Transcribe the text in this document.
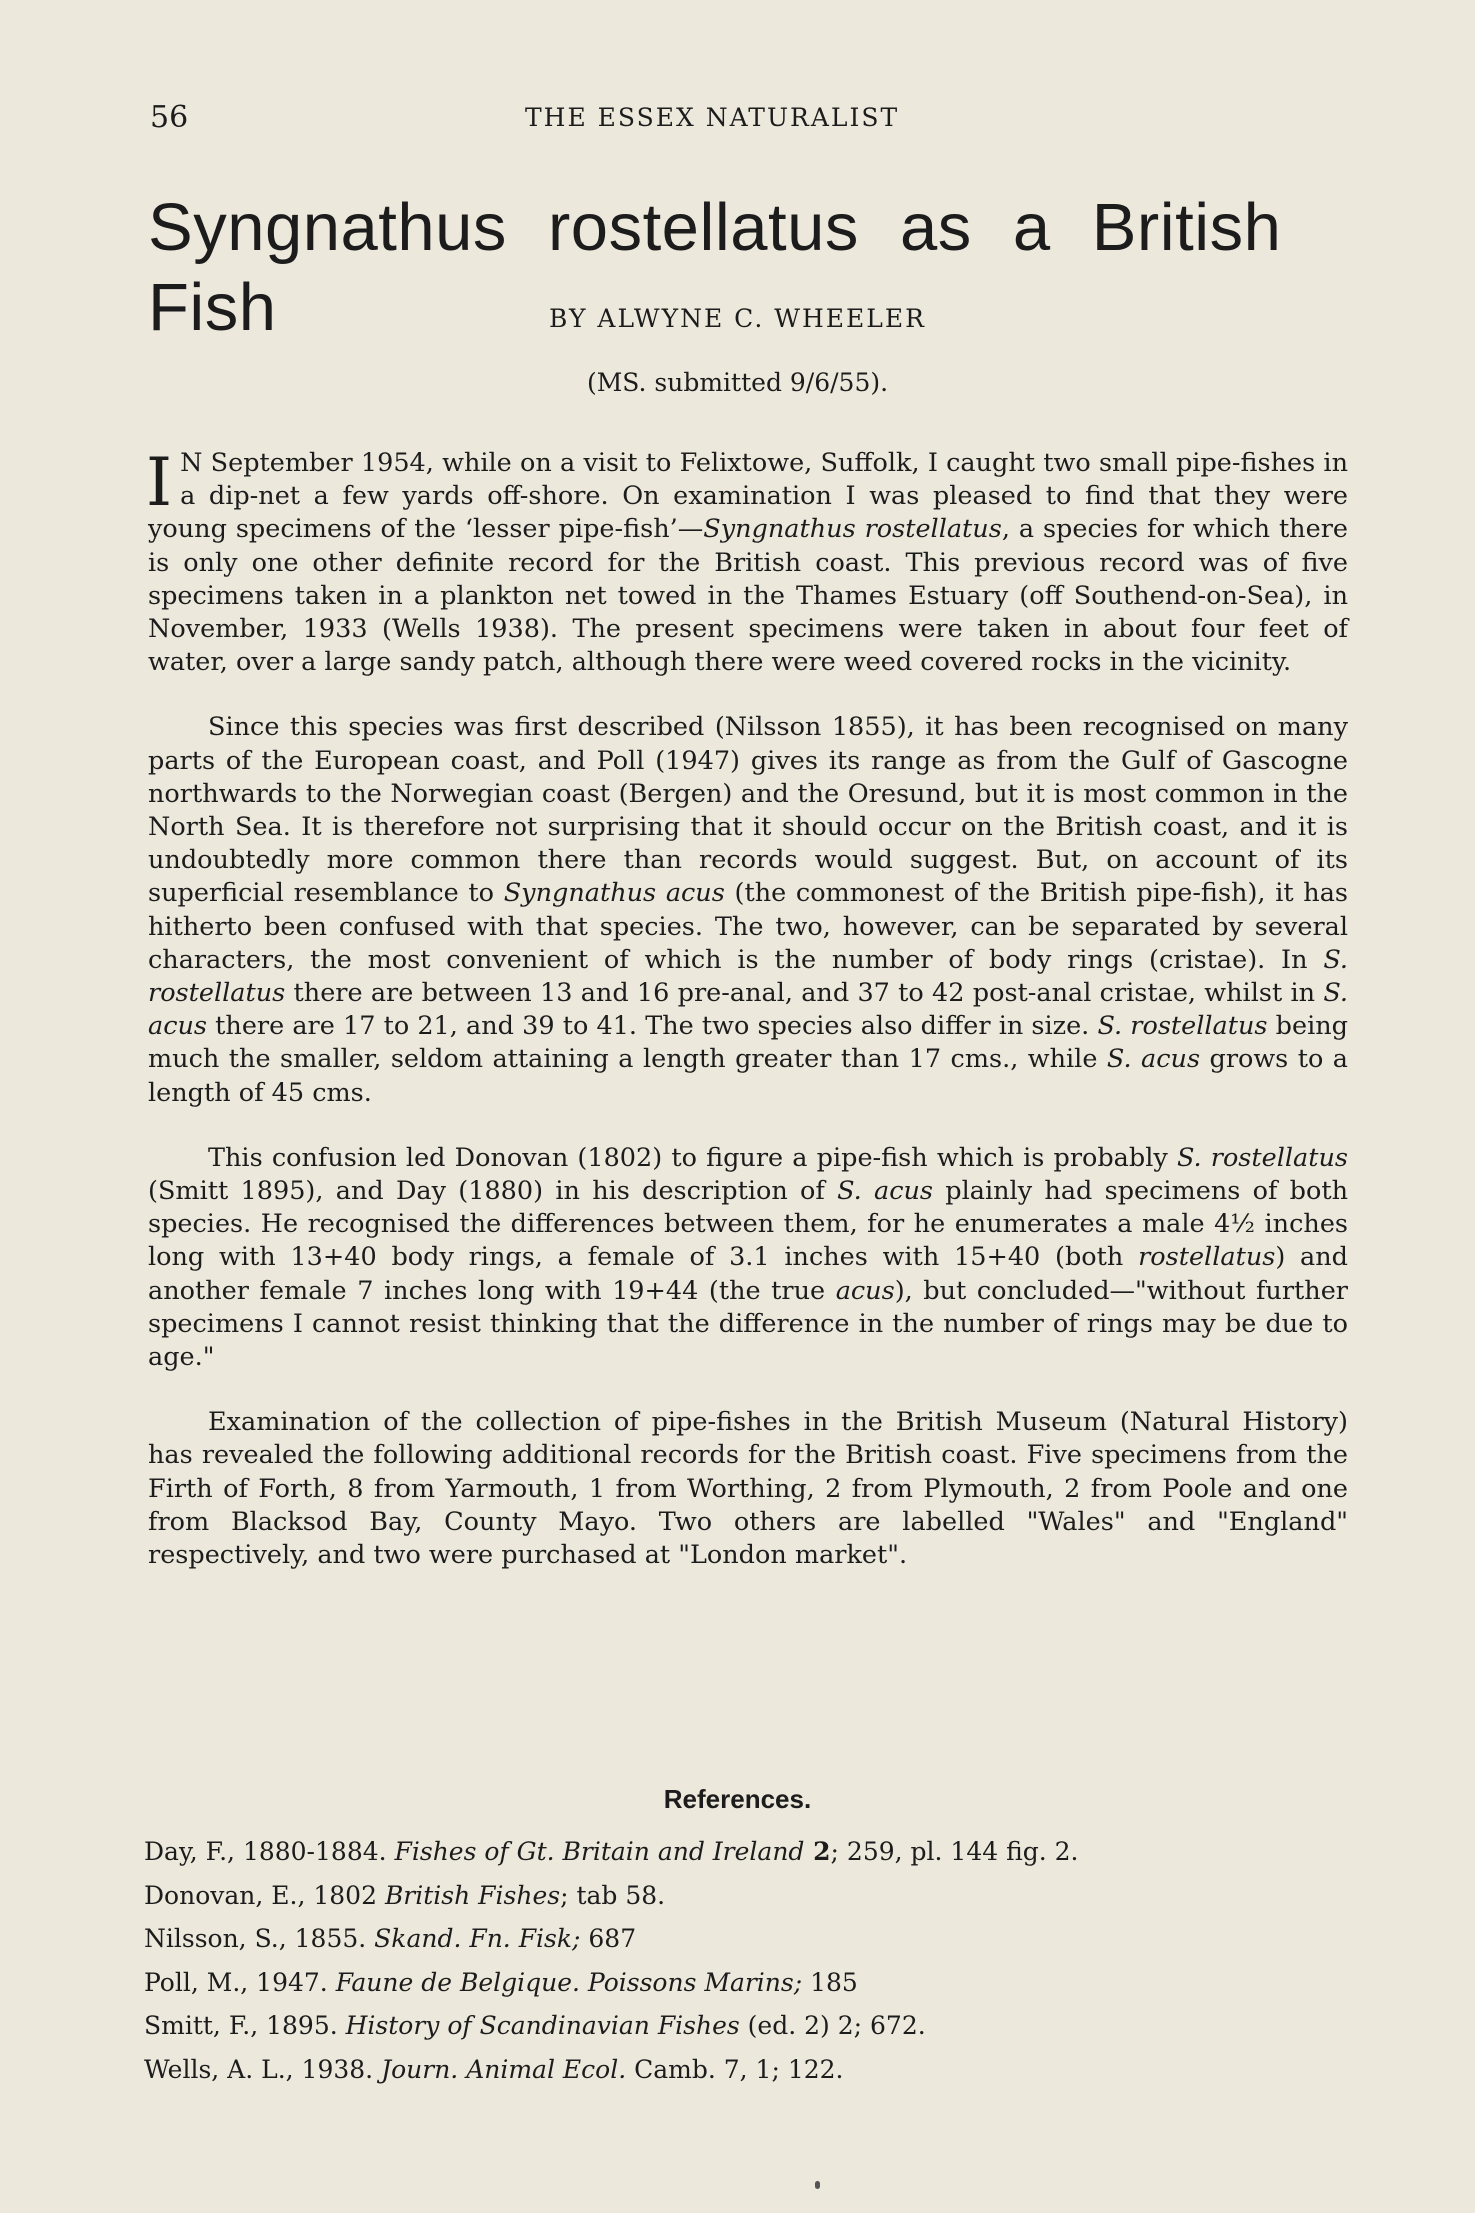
56	THE ESSEX NATURALIST
Syngnathus rostellatus as a British Fish	BY ALWYNE C. WHEELER
(MS. submitted 9/6/55).

I N September 1954, while on a visit to Felixtowe, Suffolk, I caught two small pipe-fishes in a dip-net a few yards off-shore. On examination I was pleased to find that they were young specimens of the ‘lesser pipe-fish’—Syngnathus rostellatus, a species for which there is only one other definite record for the British coast. This previous record was of five specimens taken in a plankton net towed in the Thames Estuary (off Southend-on-Sea), in November, 1933 (Wells 1938). The present specimens were taken in about four feet of water, over a large sandy patch, although there were weed covered rocks in the vicinity.

Since this species was first described (Nilsson 1855), it has been recognised on many parts of the European coast, and Poll (1947) gives its range as from the Gulf of Gascogne northwards to the Norwegian coast (Bergen) and the Oresund, but it is most common in the North Sea. It is therefore not surprising that it should occur on the British coast, and it is undoubtedly more common there than records would suggest. But, on account of its superficial resemblance to Syngnathus acus (the commonest of the British pipe-fish), it has hitherto been confused with that species. The two, however, can be separated by several characters, the most convenient of which is the number of body rings (cristae). In S. rostellatus there are between 13 and 16 pre-anal, and 37 to 42 post-anal cristae, whilst in S. acus there are 17 to 21, and 39 to 41. The two species also differ in size. S. rostellatus being much the smaller, seldom attaining a length greater than 17 cms., while S. acus grows to a length of 45 cms.

This confusion led Donovan (1802) to figure a pipe-fish which is probably S. rostellatus (Smitt 1895), and Day (1880) in his description of S. acus plainly had specimens of both species. He recognised the differences between them, for he enumerates a male 4½ inches long with 13+40 body rings, a female of 3.1 inches with 15+40 (both rostellatus) and another female 7 inches long with 19+44 (the true acus), but concluded—"without further specimens I cannot resist thinking that the difference in the number of rings may be due to age."

Examination of the collection of pipe-fishes in the British Museum (Natural History) has revealed the following additional records for the British coast. Five specimens from the Firth of Forth, 8 from Yarmouth, 1 from Worthing, 2 from Plymouth, 2 from Poole and one from Blacksod Bay, County Mayo. Two others are labelled "Wales" and "England" respectively, and two were purchased at "London market".

References.
Day, F., 1880-1884. Fishes of Gt. Britain and Ireland 2; 259, pl. 144 fig. 2.
Donovan, E., 1802 British Fishes; tab 58.
Nilsson, S., 1855. Skand. Fn. Fisk; 687
Poll, M., 1947. Faune de Belgique. Poissons Marins; 185
Smitt, F., 1895. History of Scandinavian Fishes (ed. 2) 2; 672.
Wells, A. L., 1938. Journ. Animal Ecol. Camb. 7, 1; 122.
